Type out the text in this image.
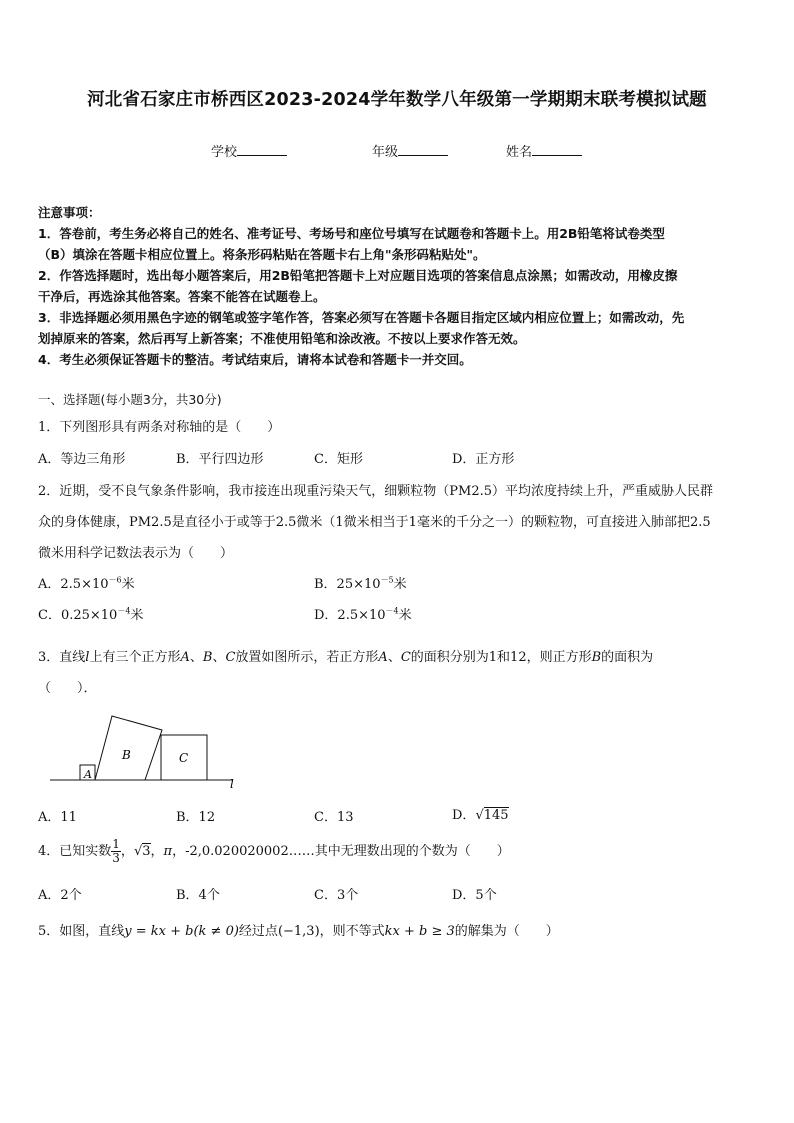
河北省石家庄市桥西区2023-2024学年数学八年级第一学期期末联考模拟试题
学校	年级	姓名
注意事项：
1．答卷前，考生务必将自己的姓名、准考证号、考场号和座位号填写在试题卷和答题卡上。用2B铅笔将试卷类型
（B）填涂在答题卡相应位置上。将条形码粘贴在答题卡右上角"条形码粘贴处"。
2．作答选择题时，选出每小题答案后，用2B铅笔把答题卡上对应题目选项的答案信息点涂黑；如需改动，用橡皮擦
干净后，再选涂其他答案。答案不能答在试题卷上。
3．非选择题必须用黑色字迹的钢笔或签字笔作答，答案必须写在答题卡各题目指定区域内相应位置上；如需改动，先
划掉原来的答案，然后再写上新答案；不准使用铅笔和涂改液。不按以上要求作答无效。
4．考生必须保证答题卡的整洁。考试结束后，请将本试卷和答题卡一并交回。
一、选择题(每小题3分，共30分)
1．下列图形具有两条对称轴的是（　　）
A．等边三角形	B．平行四边形	C．矩形	D．正方形
2．近期，受不良气象条件影响，我市接连出现重污染天气，细颗粒物（PM2.5）平均浓度持续上升，严重威胁人民群
众的身体健康，PM2.5是直径小于或等于2.5微米（1微米相当于1毫米的千分之一）的颗粒物，可直接进入肺部把2.5
微米用科学记数法表示为（　　）
A．$2.5\times 10^{-6}$米	B．$25\times 10^{-5}$米
C．$0.25\times 10^{-4}$米	D．$2.5\times 10^{-4}$米
3．直线l上有三个正方形A、B、C放置如图所示，若正方形A、C的面积分别为1和12，则正方形B的面积为
（　　）．
A
B	C
l
A．11	B．12	C．13	D．√145
4．已知实数 $\frac{1}{3}$ ，√3，π，-2,0.020020002……其中无理数出现的个数为（　　）
A．2个	B．4个	C．3个	D．5个
5．如图，直线y = kx + b(k ≠ 0)经过点(−1,3)，则不等式kx + b ≥ 3的解集为（　　）
